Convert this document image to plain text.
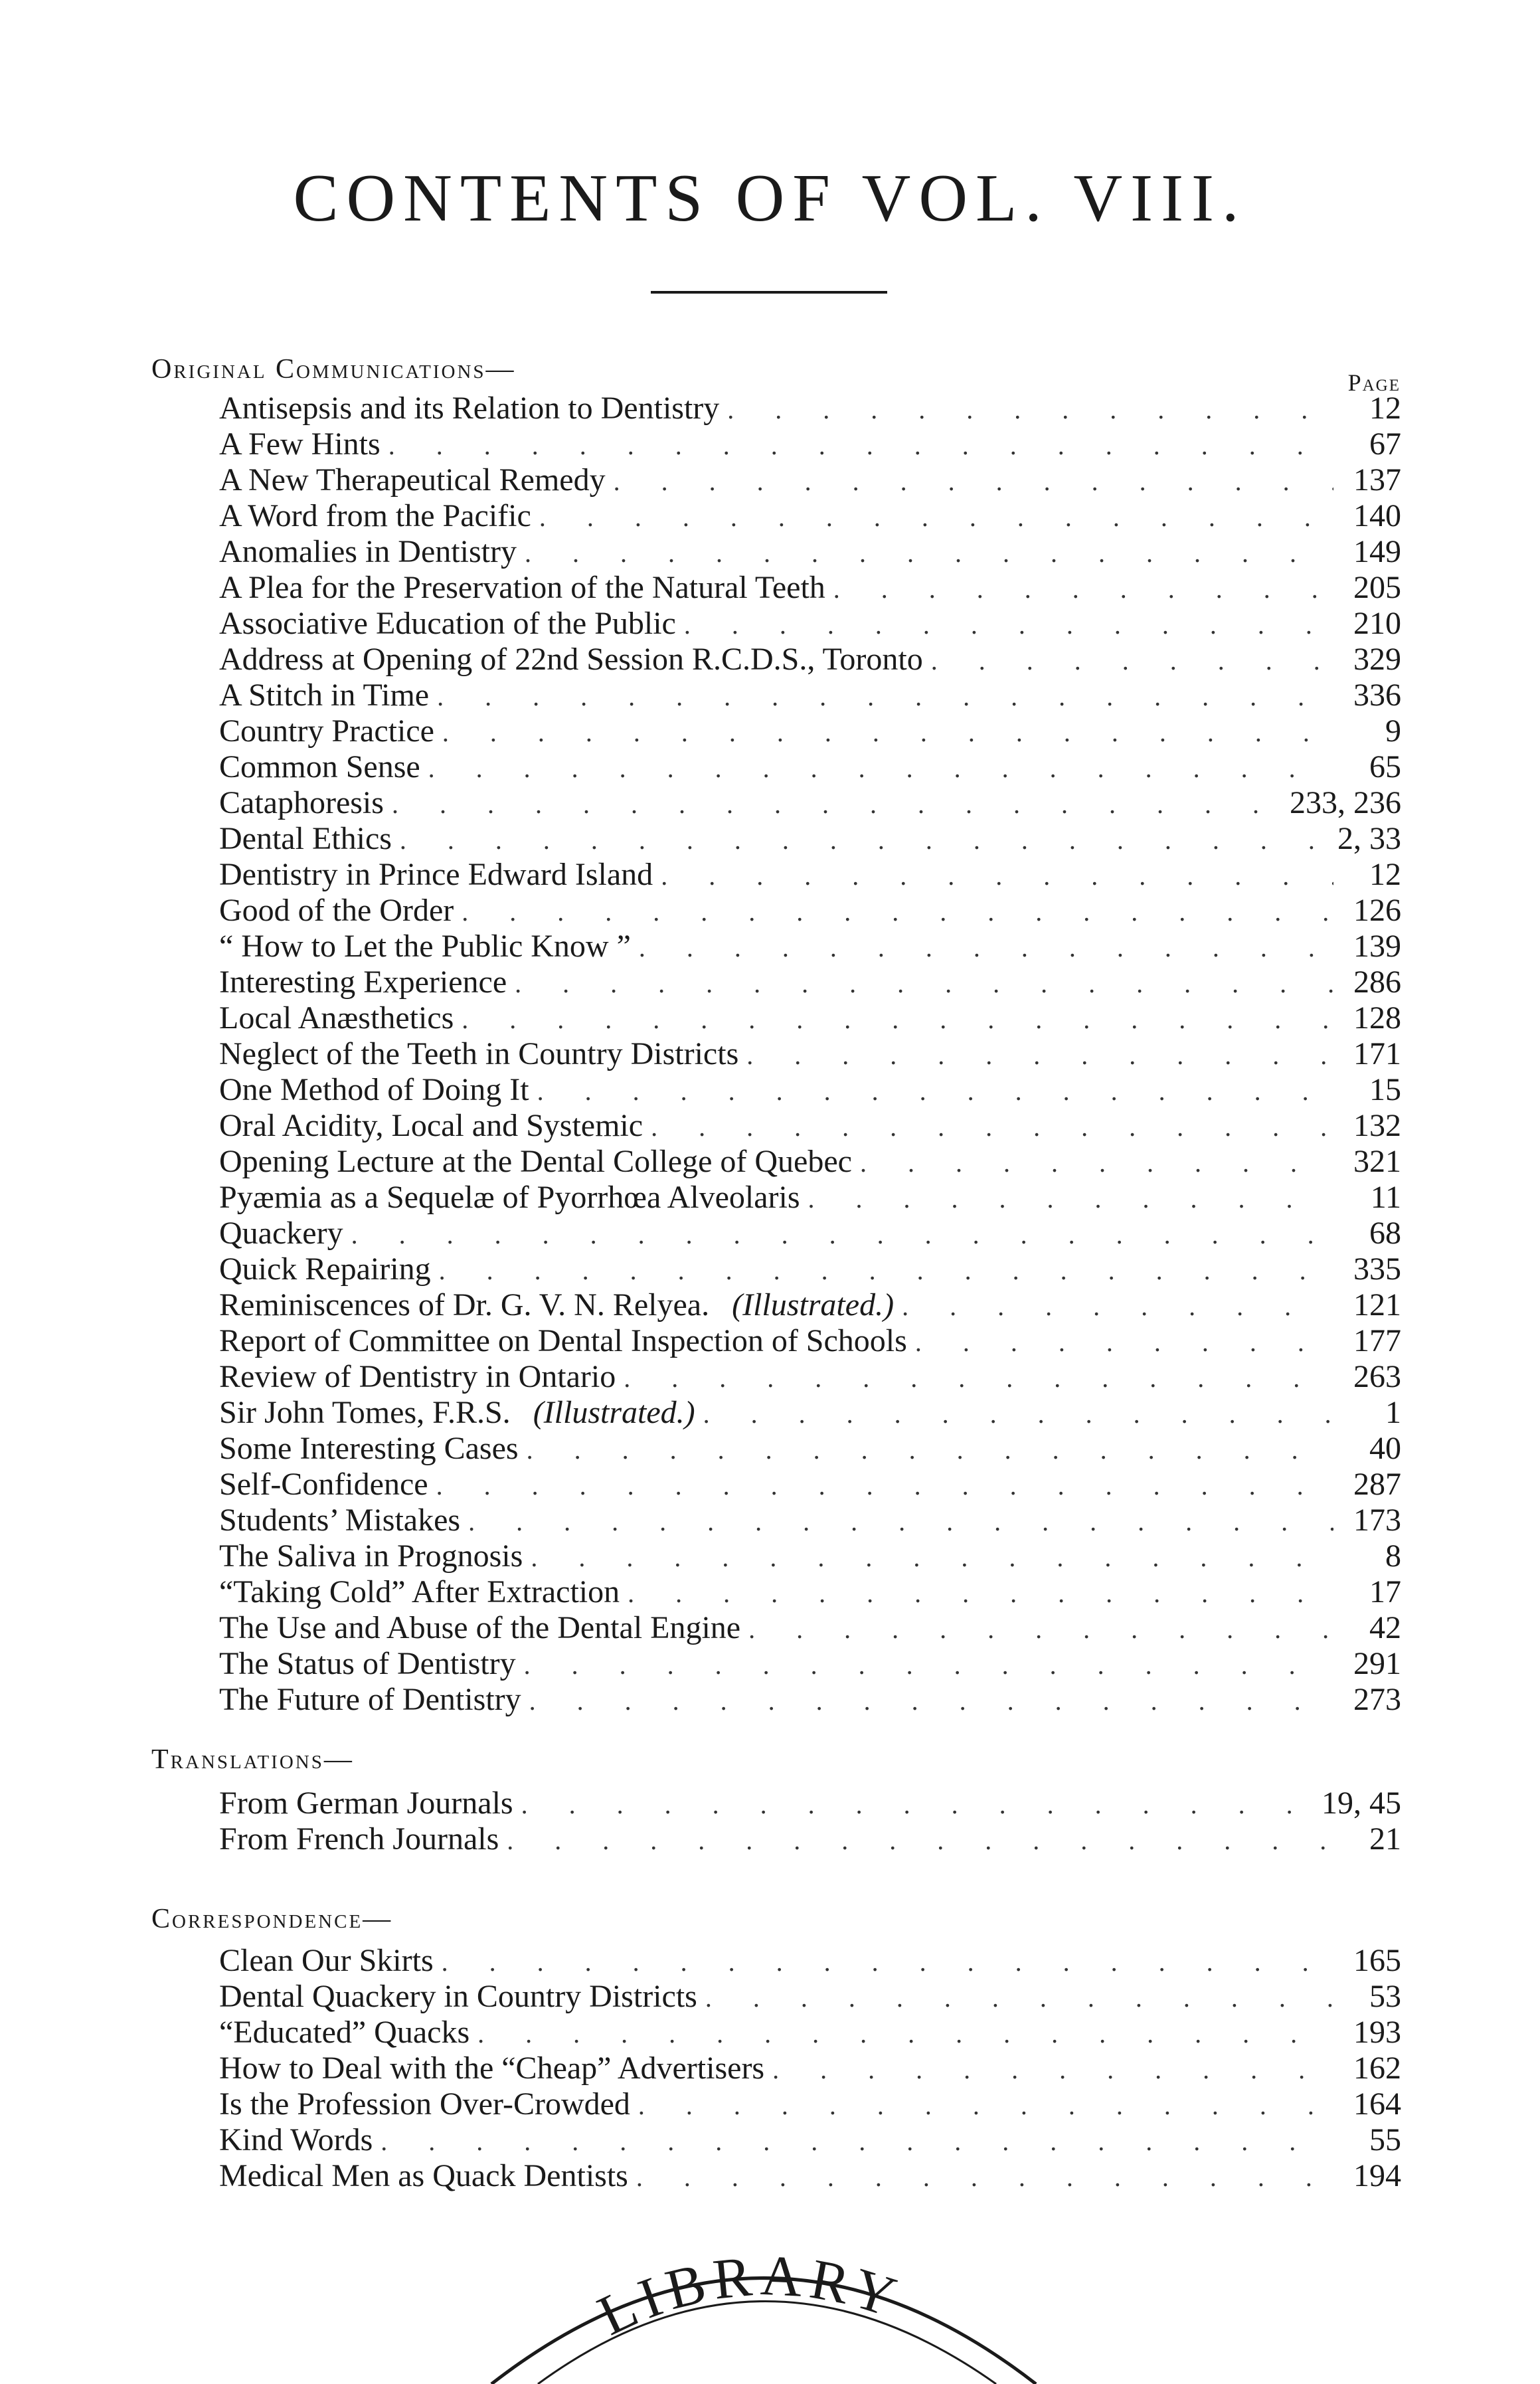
CONTENTS OF VOL. VIII.
Original Communications—	Page
Antisepsis and its Relation to Dentistry . . .	12
A Few Hints . . .	67
A New Therapeutical Remedy . . .	137
A Word from the Pacific . . .	140
Anomalies in Dentistry . . .	149
A Plea for the Preservation of the Natural Teeth . . .	205
Associative Education of the Public . . .	210
Address at Opening of 22nd Session R.C.D.S., Toronto . . .	329
A Stitch in Time . . .	336
Country Practice . . .	9
Common Sense . . .	65
Cataphoresis . . .	233, 236
Dental Ethics . . .	2, 33
Dentistry in Prince Edward Island . . .	12
Good of the Order . . .	126
“ How to Let the Public Know ” . . .	139
Interesting Experience . . .	286
Local Anæsthetics . . .	128
Neglect of the Teeth in Country Districts . . .	171
One Method of Doing It . . .	15
Oral Acidity, Local and Systemic . . .	132
Opening Lecture at the Dental College of Quebec . . .	321
Pyæmia as a Sequelæ of Pyorrhœa Alveolaris . . .	11
Quackery . . .	68
Quick Repairing . . .	335
Reminiscences of Dr. G. V. N. Relyea. (Illustrated.) . . .	121
Report of Committee on Dental Inspection of Schools . . .	177
Review of Dentistry in Ontario . . .	263
Sir John Tomes, F.R.S. (Illustrated.) . . .	1
Some Interesting Cases . . .	40
Self-Confidence . . .	287
Students’ Mistakes . . .	173
The Saliva in Prognosis . . .	8
“Taking Cold” After Extraction . . .	17
The Use and Abuse of the Dental Engine . . .	42
The Status of Dentistry . . .	291
The Future of Dentistry . . .	273
Translations—
From German Journals . . .	19, 45
From French Journals . . .	21
Correspondence—
Clean Our Skirts . . .	165
Dental Quackery in Country Districts . . .	53
“Educated” Quacks . . .	193
How to Deal with the “Cheap” Advertisers . . .	162
Is the Profession Over-Crowded . . .	164
Kind Words . . .	55
Medical Men as Quack Dentists . . .	194
LIBRARY
